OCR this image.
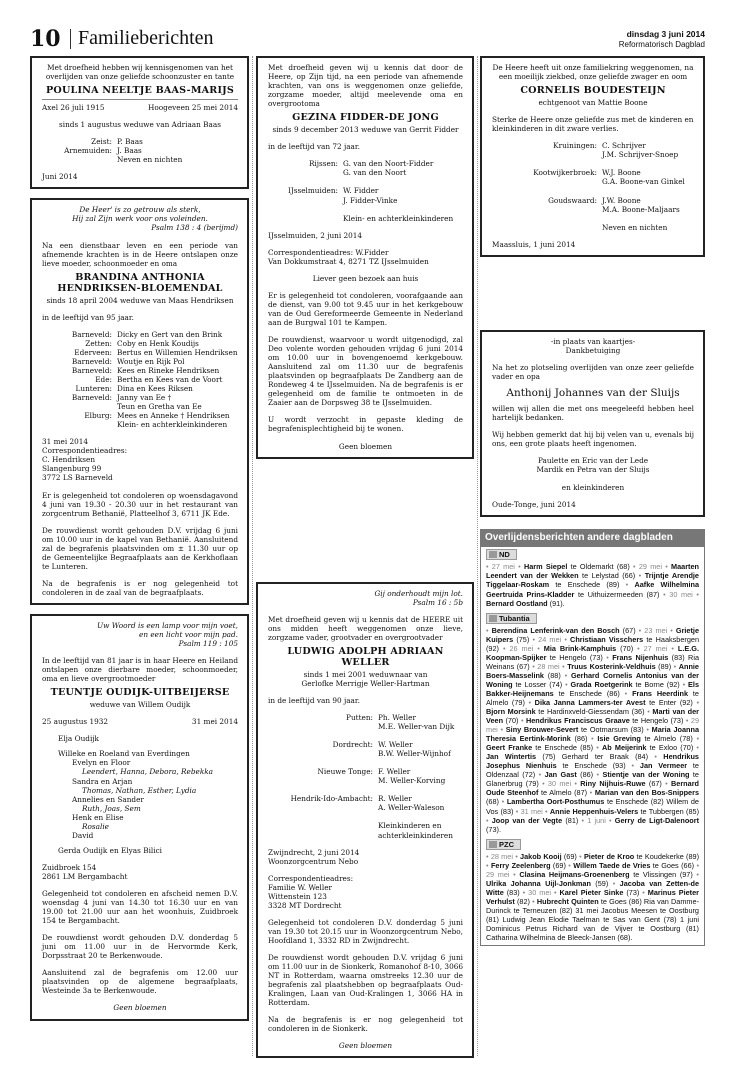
10 Familieberichten	dinsdag 3 juni 2014
Reformatorisch Dagblad
Met droefheid hebben wij kennisgenomen van het overlijden van onze geliefde schoonzuster en tante
POULINA NEELTJE BAAS-MARIJS
Axel 26 juli 1915	Hoogeveen 25 mei 2014
sinds 1 augustus weduwe van Adriaan Baas
Zeist: P. Baas
Arnemuiden: J. Baas

Neven en nichten
Juni 2014
De Heer' is zo getrouw als sterk,
Hij zal Zijn werk voor ons voleinden.
Psalm 138 : 4 (berijmd)
Na een dienstbaar leven en een periode van afnemende krachten is in de Heere ontslapen onze lieve moeder, schoonmoeder en oma
BRANDINA ANTHONIA HENDRIKSEN-BLOEMENDAL
sinds 18 april 2004 weduwe van Maas Hendriksen
in de leeftijd van 95 jaar.
Barneveld: Dicky en Gert van den Brink
Zetten: Coby en Henk Koudijs
Ederveen: Bertus en Willemien Hendriksen
Barneveld: Woutje en Rijk Pol
Barneveld: Kees en Rineke Hendriksen
Ede: Bertha en Kees van de Voort
Lunteren: Dina en Kees Riksen
Barneveld: Janny van Ee †

Teun en Gretha van Ee
Elburg: Mees en Anneke † Hendriksen

Klein- en achterkleinkinderen
31 mei 2014
Correspondentieadres:
C. Hendriksen
Slangenburg 99
3772 LS Barneveld
Er is gelegenheid tot condoleren op woensdagavond 4 juni van 19.30 - 20.30 uur in het restaurant van zorgcentrum Bethanië, Platteelhof 3, 6711 JK Ede.
De rouwdienst wordt gehouden D.V. vrijdag 6 juni om 10.00 uur in de kapel van Bethanië. Aansluitend zal de begrafenis plaatsvinden om ± 11.30 uur op de Gemeentelijke Begraafplaats aan de Kerkhoflaan te Lunteren.
Na de begrafenis is er nog gelegenheid tot condoleren in de zaal van de begraafplaats.
Uw Woord is een lamp voor mijn voet,
en een licht voor mijn pad.
Psalm 119 : 105
In de leeftijd van 81 jaar is in haar Heere en Heiland ontslapen onze dierbare moeder, schoonmoeder, oma en lieve overgrootmoeder
TEUNTJE OUDIJK-UITBEIJERSE
weduwe van Willem Oudijk
25 augustus 1932	31 mei 2014
Elja Oudijk

Willeke en Roeland van Everdingen
Evelyn en Floor
Leendert, Hanna, Debora, Rebekka
Sandra en Arjan
Thomas, Nathan, Esther, Lydia
Annelies en Sander
Ruth, Joas, Sem
Henk en Elise
Rosalie
David

Gerda Oudijk en Elyas Bilici
Zuidbroek 154
2861 LM Bergambacht
Gelegenheid tot condoleren en afscheid nemen D.V. woensdag 4 juni van 14.30 tot 16.30 uur en van 19.00 tot 21.00 uur aan het woonhuis, Zuidbroek 154 te Bergambacht.
De rouwdienst wordt gehouden D.V. donderdag 5 juni om 11.00 uur in de Hervormde Kerk, Dorpsstraat 20 te Berkenwoude.
Aansluitend zal de begrafenis om 12.00 uur plaatsvinden op de algemene begraafplaats, Westeinde 3a te Berkenwoude.
Geen bloemen
Met droefheid geven wij u kennis dat door de Heere, op Zijn tijd, na een periode van afnemende krachten, van ons is weggenomen onze geliefde, zorgzame moeder, altijd meelevende oma en overgrootoma
GEZINA FIDDER-DE JONG
sinds 9 december 2013 weduwe van Gerrit Fidder
in de leeftijd van 72 jaar.
Rijssen: G. van den Noort-Fidder

G. van den Noort

IJsselmuiden: W. Fidder

J. Fidder-Vinke

Klein- en achterkleinkinderen
IJsselmuiden, 2 juni 2014
Correspondentieadres: W.Fidder
Van Dokkumstraat 4, 8271 TZ IJsselmuiden
Liever geen bezoek aan huis
Er is gelegenheid tot condoleren, voorafgaande aan de dienst, van 9.00 tot 9.45 uur in het kerkgebouw van de Oud Gereformeerde Gemeente in Nederland aan de Burgwal 101 te Kampen.
De rouwdienst, waarvoor u wordt uitgenodigd, zal Deo volente worden gehouden vrijdag 6 juni 2014 om 10.00 uur in bovengenoemd kerkgebouw. Aansluitend zal om 11.30 uur de begrafenis plaatsvinden op begraafplaats De Zandberg aan de Rondeweg 4 te IJsselmuiden. Na de begrafenis is er gelegenheid om de familie te ontmoeten in de Zaaier aan de Dorpsweg 38 te IJsselmuiden.
U wordt verzocht in gepaste kleding de begrafenisplechtigheid bij te wonen.
Geen bloemen
Gij onderhoudt mijn lot.
Psalm 16 : 5b
Met droefheid geven wij u kennis dat de HEERE uit ons midden heeft weggenomen onze lieve, zorgzame vader, grootvader en overgrootvader
LUDWIG ADOLPH ADRIAAN WELLER
sinds 1 mei 2001 weduwnaar van
Gerlofke Merrigje Weller-Hartman
in de leeftijd van 90 jaar.
Putten: Ph. Weller

M.E. Weller-van Dijk

Dordrecht: W. Weller

B.W. Weller-Wijnhof

Nieuwe Tonge: F. Weller

M. Weller-Korving

Hendrik-Ido-Ambacht: R. Weller

A. Weller-Waleson

Kleinkinderen en

achterkleinkinderen
Zwijndrecht, 2 juni 2014
Woonzorgcentrum Nebo
Correspondentieadres:
Familie W. Weller
Wittenstein 123
3328 MT Dordrecht
Gelegenheid tot condoleren D.V. donderdag 5 juni van 19.30 tot 20.15 uur in Woonzorgcentrum Nebo, Hoofdland 1, 3332 RD in Zwijndrecht.
De rouwdienst wordt gehouden D.V. vrijdag 6 juni om 11.00 uur in de Sionkerk, Romanohof 8-10, 3066 NT in Rotterdam, waarna omstreeks 12.30 uur de begrafenis zal plaatshebben op begraafplaats Oud-Kralingen, Laan van Oud-Kralingen 1, 3066 HA in Rotterdam.
Na de begrafenis is er nog gelegenheid tot condoleren in de Sionkerk.
Geen bloemen
De Heere heeft uit onze familiekring weggenomen, na een moeilijk ziekbed, onze geliefde zwager en oom
CORNELIS BOUDESTEIJN
echtgenoot van Mattie Boone
Sterke de Heere onze geliefde zus met de kinderen en kleinkinderen in dit zware verlies.
Kruiningen: C. Schrijver

J.M. Schrijver-Snoep

Kootwijkerbroek: W.J. Boone

G.A. Boone-van Ginkel

Goudswaard: J.W. Boone

M.A. Boone-Maljaars

Neven en nichten
Maassluis, 1 juni 2014
-in plaats van kaartjes-
Dankbetuiging
Na het zo plotseling overlijden van onze zeer geliefde vader en opa
Anthonij Johannes van der Sluijs
willen wij allen die met ons meegeleefd hebben heel hartelijk bedanken.
Wij hebben gemerkt dat hij bij velen van u, evenals bij ons, een grote plaats heeft ingenomen.
Paulette en Eric van der Lede
Mardik en Petra van der Sluijs

en kleinkinderen
Oude-Tonge, juni 2014
Overlijdensberichten andere dagbladen
ND
• 27 mei • Harm Siepel te Oldemarkt (68) • 29 mei • Maarten Leendert van der Wekken te Lelystad (66) • Trijntje Arendje Tiggelaar-Roskam te Enschede (89) • Aafke Wilhelmina Geertruida Prins-Kladder te Uithuizermeeden (87) • 30 mei • Bernard Oostland (91).
Tubantia
• Berendina Lenferink-van den Bosch (67) • 23 mei • Grietje Kuipers (75) • 24 mei • Christiaan Visschers te Haaksbergen (92) • 26 mei • Mia Brink-Kamphuis (70) • 27 mei • L.E.G. Koopman-Spijker te Hengelo (73) • Frans Nijenhuis (83) Ria Weinans (67) • 28 mei • Truus Kosterink-Veldhuis (89) • Annie Boers-Masselink (88) • Gerhard Cornelis Antonius van der Woning te Losser (74) • Grada Roetgerink te Borne (92) • Els Bakker-Heijnemans te Enschede (86) • Frans Heerdink te Almelo (79) • Dika Janna Lammers-ter Avest te Enter (92) • Bjorn Morsink te Hardinxveld-Giessendam (36) • Marti van der Veen (70) • Hendrikus Franciscus Graave te Hengelo (73) • 29 mei • Siny Brouwer-Severt te Ootmarsum (83) • Maria Joanna Theresia Eertink-Morink (86) • Isie Greving te Almelo (78) • Geert Franke te Enschede (85) • Ab Meijerink te Exloo (70) • Jan Wintertis (75) Gerhard ter Braak (84) • Hendrikus Josephus Nienhuis te Enschede (93) • Jan Vermeer te Oldenzaal (72) • Jan Gast (86) • Stientje van der Woning te Glanerbrug (79) • 30 mei • Riny Nijhuis-Ruwe (67) • Bernard Oude Steenhof te Almelo (87) • Marian van den Bos-Snippers (68) • Lambertha Oort-Posthumus te Enschede (82) Willem de Vos (83) • 31 mei • Annie Heppenhuis-Velers te Tubbergen (85) • Joop van der Vegte (81) • 1 juni • Gerry de Ligt-Dalenoort (73).
PZC
• 28 mei • Jakob Kooij (69) • Pieter de Kroo te Koudekerke (89) • Ferry Zeelenberg (69) • Willem Taede de Vries te Goes (66) • 29 mei • Clasina Heijmans-Groenenberg te Vlissingen (97) • Ulrika Johanna Uijl-Jonkman (59) • Jacoba van Zetten-de Witte (83) • 30 mei • Karel Pieter Sinke (73) • Marinus Pieter Verhulst (82) • Hubrecht Quinten te Goes (86) Ria van Damme-Durinck te Terneuzen (82) 31 mei Jacobus Meesen te Oostburg (81) Ludwig Jean Elodie Taelman te Sas van Gent (78) 1 juni Dominicus Petrus Richard van de Vijver te Oostburg (81) Catharina Wilhelmina de Bleeck-Jansen (68).
